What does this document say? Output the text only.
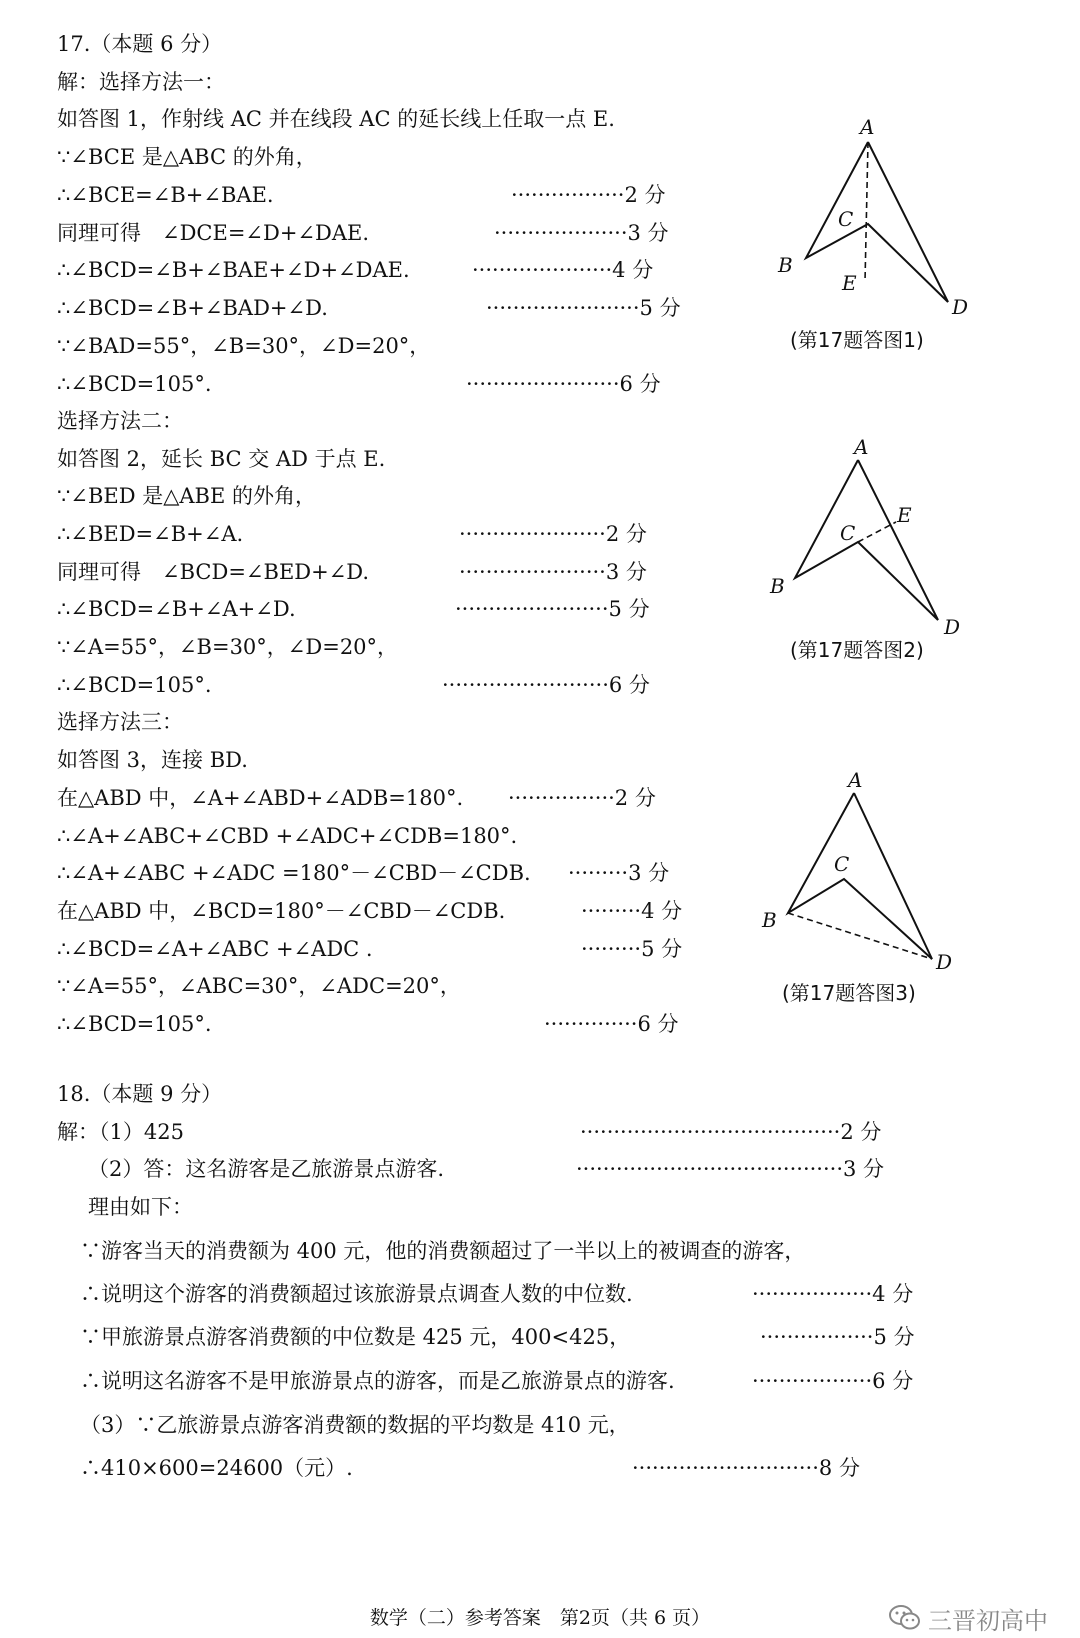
17.（本题 6 分）
解：选择方法一：
如答图 1，作射线 AC 并在线段 AC 的延长线上任取一点 E.
∵∠BCE 是△ABC 的外角，
∴∠BCE=∠B+∠BAE.	·················2 分
同理可得　∠DCE=∠D+∠DAE.	····················3 分
∴∠BCD=∠B+∠BAE+∠D+∠DAE.	·····················4 分
∴∠BCD=∠B+∠BAD+∠D.	·······················5 分
∵∠BAD=55°，∠B=30°，∠D=20°，
∴∠BCD=105°.	·······················6 分
A
C
B
E
D
(第17题答图1)
选择方法二：
如答图 2，延长 BC 交 AD 于点 E.
∵∠BED 是△ABE 的外角，
∴∠BED=∠B+∠A.	······················2 分
同理可得　∠BCD=∠BED+∠D.	······················3 分
∴∠BCD=∠B+∠A+∠D.	·······················5 分
∵∠A=55°，∠B=30°，∠D=20°，
∴∠BCD=105°.	·························6 分
A
C
E
B
D
(第17题答图2)
选择方法三：
如答图 3，连接 BD.
在△ABD 中，∠A+∠ABD+∠ADB=180°. ················2 分
∴∠A+∠ABC+∠CBD +∠ADC+∠CDB=180°.
∴∠A+∠ABC +∠ADC =180°－∠CBD－∠CDB. ·········3 分
在△ABD 中，∠BCD=180°－∠CBD－∠CDB.	·········4 分
∴∠BCD=∠A+∠ABC +∠ADC .	·········5 分
∵∠A=55°，∠ABC=30°，∠ADC=20°，
∴∠BCD=105°.	··············6 分
A
C
B
D
(第17题答图3)
18.（本题 9 分）
解：（1）425	·······································2 分
（2）答：这名游客是乙旅游景点游客.	········································3 分
理由如下：
∵游客当天的消费额为 400 元，他的消费额超过了一半以上的被调查的游客，
∴说明这个游客的消费额超过该旅游景点调查人数的中位数.	··················4 分
∵甲旅游景点游客消费额的中位数是 425 元，400<425，	·················5 分
∴说明这名游客不是甲旅游景点的游客，而是乙旅游景点的游客.	··················6 分
（3）∵乙旅游景点游客消费额的数据的平均数是 410 元，
∴410×600=24600（元）.	····························8 分
数学（二）参考答案　第2页（共 6 页）	三晋初高中
